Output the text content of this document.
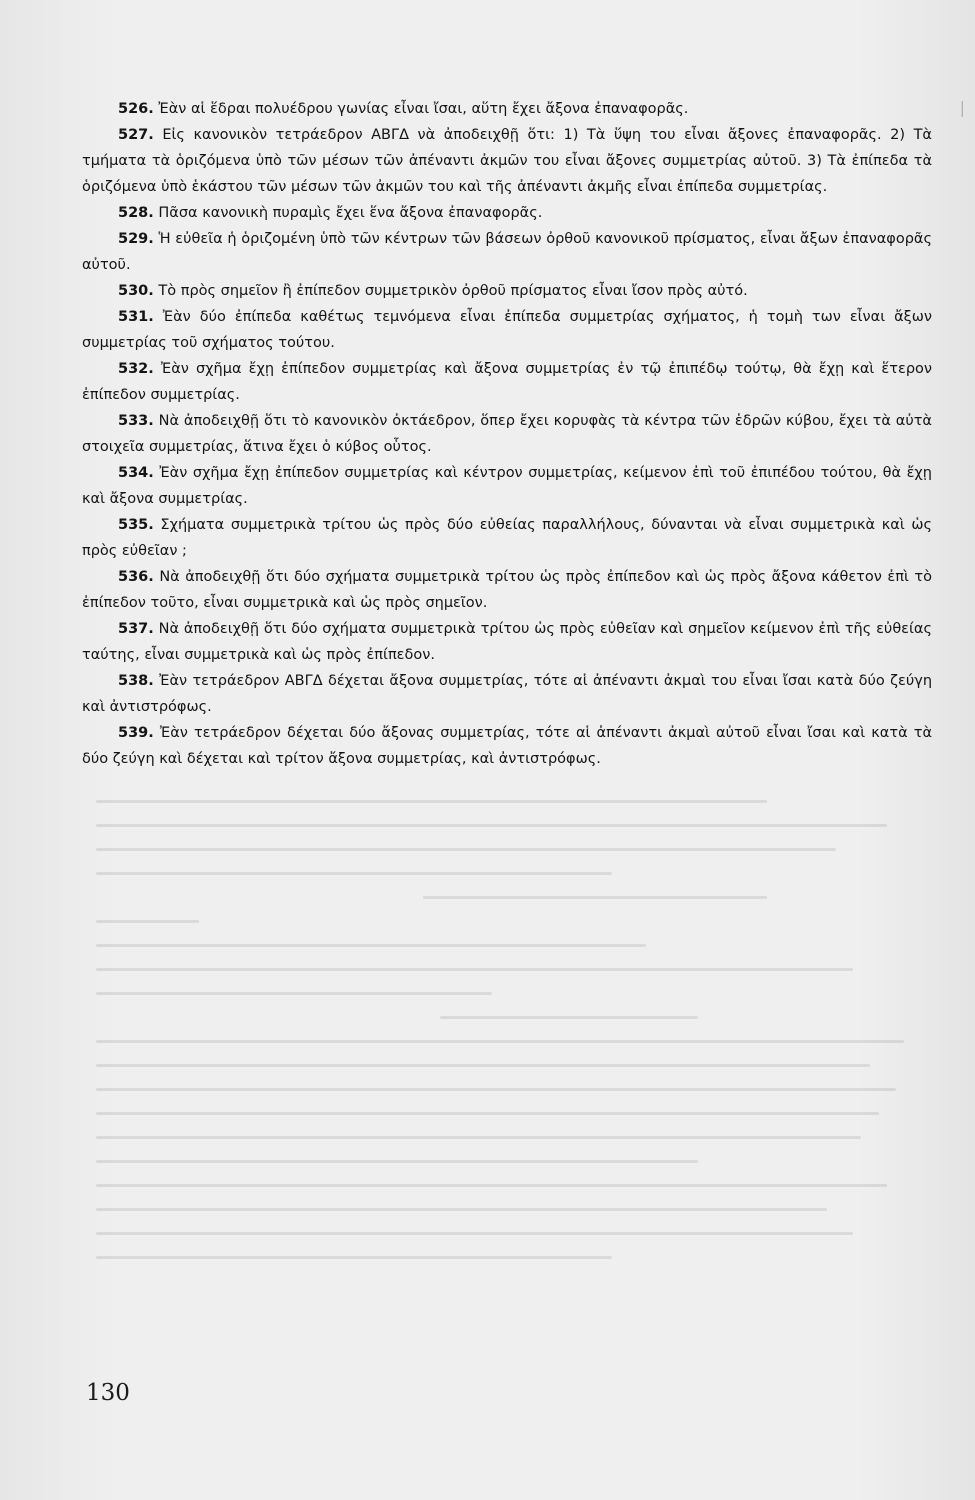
|

526. Ἐὰν αἱ ἕδραι πολυέδρου γωνίας εἶναι ἴσαι, αὕτη ἔχει ἄξονα ἐπαναφορᾶς.

527. Εἰς κανονικὸν τετράεδρον ΑΒΓΔ νὰ ἀποδειχθῇ ὅτι: 1) Τὰ ὕψη του εἶναι ἄξονες ἐπαναφορᾶς. 2) Τὰ τμήματα τὰ ὁριζόμενα ὑπὸ τῶν μέσων τῶν ἀπέναντι ἀκμῶν του εἶναι ἄξονες συμμετρίας αὐτοῦ. 3) Τὰ ἐπίπεδα τὰ ὁριζόμενα ὑπὸ ἑκάστου τῶν μέσων τῶν ἀκμῶν του καὶ τῆς ἀπέναντι ἀκμῆς εἶναι ἐπίπεδα συμμετρίας.

528. Πᾶσα κανονικὴ πυραμὶς ἔχει ἕνα ἄξονα ἐπαναφορᾶς.

529. Ἡ εὐθεῖα ἡ ὁριζομένη ὑπὸ τῶν κέντρων τῶν βάσεων ὀρθοῦ κανονικοῦ πρίσματος, εἶναι ἄξων ἐπαναφορᾶς αὐτοῦ.

530. Τὸ πρὸς σημεῖον ἢ ἐπίπεδον συμμετρικὸν ὀρθοῦ πρίσματος εἶναι ἴσον πρὸς αὐτό.

531. Ἐὰν δύο ἐπίπεδα καθέτως τεμνόμενα εἶναι ἐπίπεδα συμμετρίας σχήματος, ἡ τομὴ των εἶναι ἄξων συμμετρίας τοῦ σχήματος τούτου.

532. Ἐὰν σχῆμα ἔχῃ ἐπίπεδον συμμετρίας καὶ ἄξονα συμμετρίας ἐν τῷ ἐπιπέδῳ τούτῳ, θὰ ἔχῃ καὶ ἕτερον ἐπίπεδον συμμετρίας.

533. Νὰ ἀποδειχθῇ ὅτι τὸ κανονικὸν ὀκτάεδρον, ὅπερ ἔχει κορυφὰς τὰ κέντρα τῶν ἑδρῶν κύβου, ἔχει τὰ αὐτὰ στοιχεῖα συμμετρίας, ἅτινα ἔχει ὁ κύβος οὗτος.

534. Ἐὰν σχῆμα ἔχῃ ἐπίπεδον συμμετρίας καὶ κέντρον συμμετρίας, κείμενον ἐπὶ τοῦ ἐπιπέδου τούτου, θὰ ἔχῃ καὶ ἄξονα συμμετρίας.

535. Σχήματα συμμετρικὰ τρίτου ὡς πρὸς δύο εὐθείας παραλλήλους, δύνανται νὰ εἶναι συμμετρικὰ καὶ ὡς πρὸς εὐθεῖαν ;

536. Νὰ ἀποδειχθῇ ὅτι δύο σχήματα συμμετρικὰ τρίτου ὡς πρὸς ἐπίπεδον καὶ ὡς πρὸς ἄξονα κάθετον ἐπὶ τὸ ἐπίπεδον τοῦτο, εἶναι συμμετρικὰ καὶ ὡς πρὸς σημεῖον.

537. Νὰ ἀποδειχθῇ ὅτι δύο σχήματα συμμετρικὰ τρίτου ὡς πρὸς εὐθεῖαν καὶ σημεῖον κείμενον ἐπὶ τῆς εὐθείας ταύτης, εἶναι συμμετρικὰ καὶ ὡς πρὸς ἐπίπεδον.

538. Ἐὰν τετράεδρον ΑΒΓΔ δέχεται ἄξονα συμμετρίας, τότε αἱ ἀπέναντι ἀκμαὶ του εἶναι ἴσαι κατὰ δύο ζεύγη καὶ ἀντιστρόφως.

539. Ἐὰν τετράεδρον δέχεται δύο ἄξονας συμμετρίας, τότε αἱ ἀπέναντι ἀκμαὶ αὐτοῦ εἶναι ἴσαι καὶ κατὰ τὰ δύο ζεύγη καὶ δέχεται καὶ τρίτον ἄξονα συμμετρίας, καὶ ἀντιστρόφως.

130
